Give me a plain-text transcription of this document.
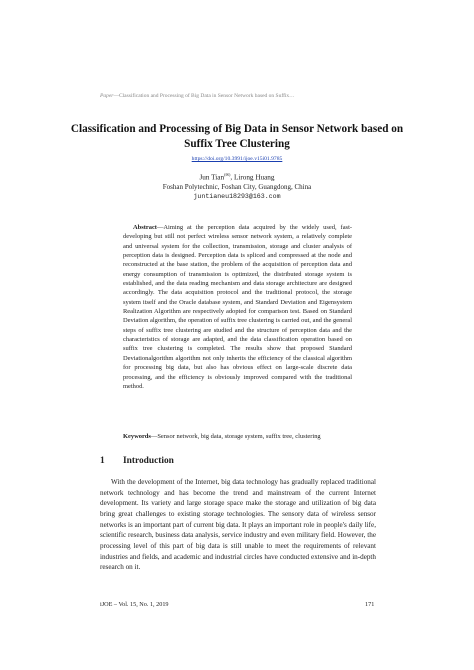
Paper—Classification and Processing of Big Data in Sensor Network based on Suffix…
Classification and Processing of Big Data in Sensor Network based on Suffix Tree Clustering
https://doi.org/10.3991/ijoe.v15i01.9785
Jun Tian(✉), Lirong Huang
Foshan Polytechnic, Foshan City, Guangdong, China
juntianeu18293@163.com
Abstract—Aiming at the perception data acquired by the widely used, fast-developing but still not perfect wireless sensor network system, a relatively complete and universal system for the collection, transmission, storage and cluster analysis of perception data is designed. Perception data is spliced and compressed at the node and reconstructed at the base station, the problem of the acquisition of perception data and energy consumption of transmission is optimized, the distributed storage system is established, and the data reading mechanism and data storage architecture are designed accordingly. The data acquisition protocol and the traditional protocol, the storage system itself and the Oracle database system, and Standard Deviation and Eigensystem Realization Algorithm are respectively adopted for comparison test. Based on Standard Deviation algorithm, the operation of suffix tree clustering is carried out, and the general steps of suffix tree clustering are studied and the structure of perception data and the characteristics of storage are adapted, and the data classification operation based on suffix tree clustering is completed. The results show that proposed Standard Deviationalgorithm algorithm not only inherits the efficiency of the classical algorithm for processing big data, but also has obvious effect on large-scale discrete data processing, and the efficiency is obviously improved compared with the traditional method.
Keywords—Sensor network, big data, storage system, suffix tree, clustering
1 Introduction
With the development of the Internet, big data technology has gradually replaced traditional network technology and has become the trend and mainstream of the current Internet development. Its variety and large storage space make the storage and utilization of big data bring great challenges to existing storage technologies. The sensory data of wireless sensor networks is an important part of current big data. It plays an important role in people's daily life, scientific research, business data analysis, service industry and even military field. However, the processing level of this part of big data is still unable to meet the requirements of relevant industries and fields, and academic and industrial circles have conducted extensive and in-depth research on it.
iJOE ‒ Vol. 15, No. 1, 2019	171
